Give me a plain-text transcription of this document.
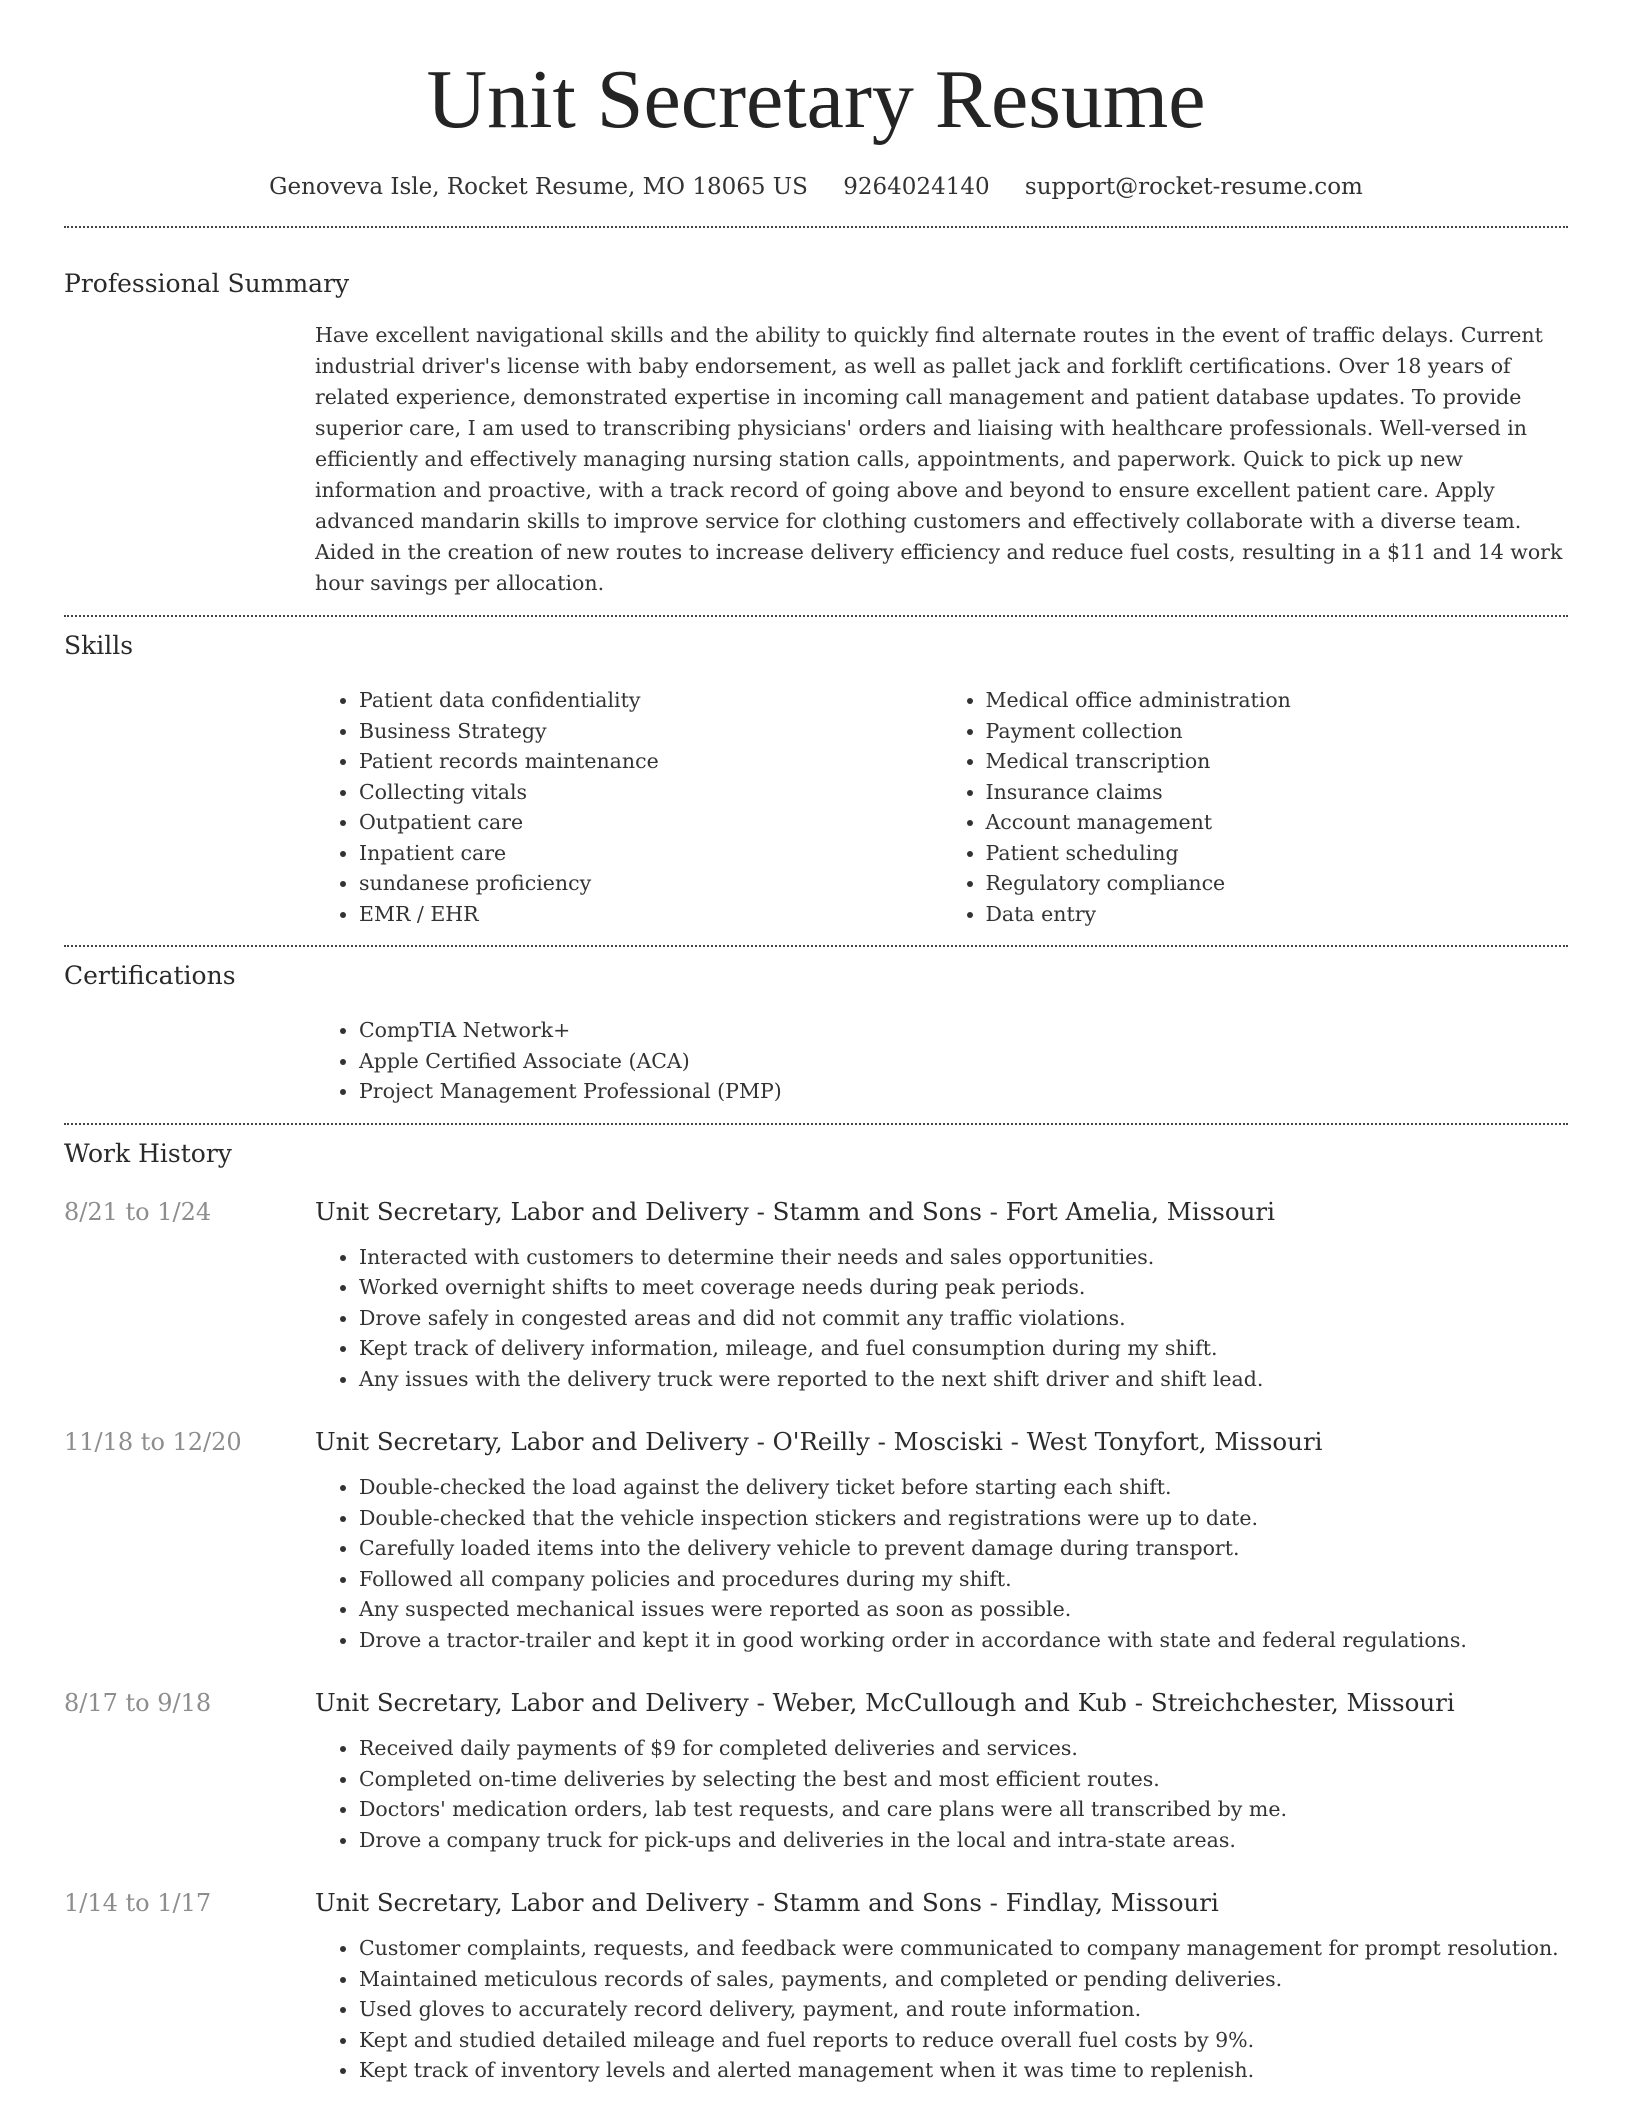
Unit Secretary Resume
Genoveva Isle, Rocket Resume, MO 18065 US 9264024140 support@rocket-resume.com
Professional Summary

Have excellent navigational skills and the ability to quickly find alternate routes in the event of traffic delays. Current industrial driver's license with baby endorsement, as well as pallet jack and forklift certifications. Over 18 years of related experience, demonstrated expertise in incoming call management and patient database updates. To provide superior care, I am used to transcribing physicians' orders and liaising with healthcare professionals. Well-versed in efficiently and effectively managing nursing station calls, appointments, and paperwork. Quick to pick up new information and proactive, with a track record of going above and beyond to ensure excellent patient care. Apply advanced mandarin skills to improve service for clothing customers and effectively collaborate with a diverse team. Aided in the creation of new routes to increase delivery efficiency and reduce fuel costs, resulting in a $11 and 14 work hour savings per allocation.

Skills
• Patient data confidentiality
• Business Strategy
• Patient records maintenance
• Collecting vitals
• Outpatient care
• Inpatient care
• sundanese proficiency
• EMR / EHR
• Medical office administration
• Payment collection
• Medical transcription
• Insurance claims
• Account management
• Patient scheduling
• Regulatory compliance
• Data entry
Certifications
• CompTIA Network+
• Apple Certified Associate (ACA)
• Project Management Professional (PMP)
Work History
8/21 to 1/24	Unit Secretary, Labor and Delivery - Stamm and Sons - Fort Amelia, Missouri
• Interacted with customers to determine their needs and sales opportunities.
• Worked overnight shifts to meet coverage needs during peak periods.
• Drove safely in congested areas and did not commit any traffic violations.
• Kept track of delivery information, mileage, and fuel consumption during my shift.
• Any issues with the delivery truck were reported to the next shift driver and shift lead.
11/18 to 12/20	Unit Secretary, Labor and Delivery - O'Reilly - Mosciski - West Tonyfort, Missouri
• Double-checked the load against the delivery ticket before starting each shift.
• Double-checked that the vehicle inspection stickers and registrations were up to date.
• Carefully loaded items into the delivery vehicle to prevent damage during transport.
• Followed all company policies and procedures during my shift.
• Any suspected mechanical issues were reported as soon as possible.
• Drove a tractor-trailer and kept it in good working order in accordance with state and federal regulations.
8/17 to 9/18	Unit Secretary, Labor and Delivery - Weber, McCullough and Kub - Streichchester, Missouri
• Received daily payments of $9 for completed deliveries and services.
• Completed on-time deliveries by selecting the best and most efficient routes.
• Doctors' medication orders, lab test requests, and care plans were all transcribed by me.
• Drove a company truck for pick-ups and deliveries in the local and intra-state areas.
1/14 to 1/17	Unit Secretary, Labor and Delivery - Stamm and Sons - Findlay, Missouri
• Customer complaints, requests, and feedback were communicated to company management for prompt resolution.
• Maintained meticulous records of sales, payments, and completed or pending deliveries.
• Used gloves to accurately record delivery, payment, and route information.
• Kept and studied detailed mileage and fuel reports to reduce overall fuel costs by 9%.
• Kept track of inventory levels and alerted management when it was time to replenish.
